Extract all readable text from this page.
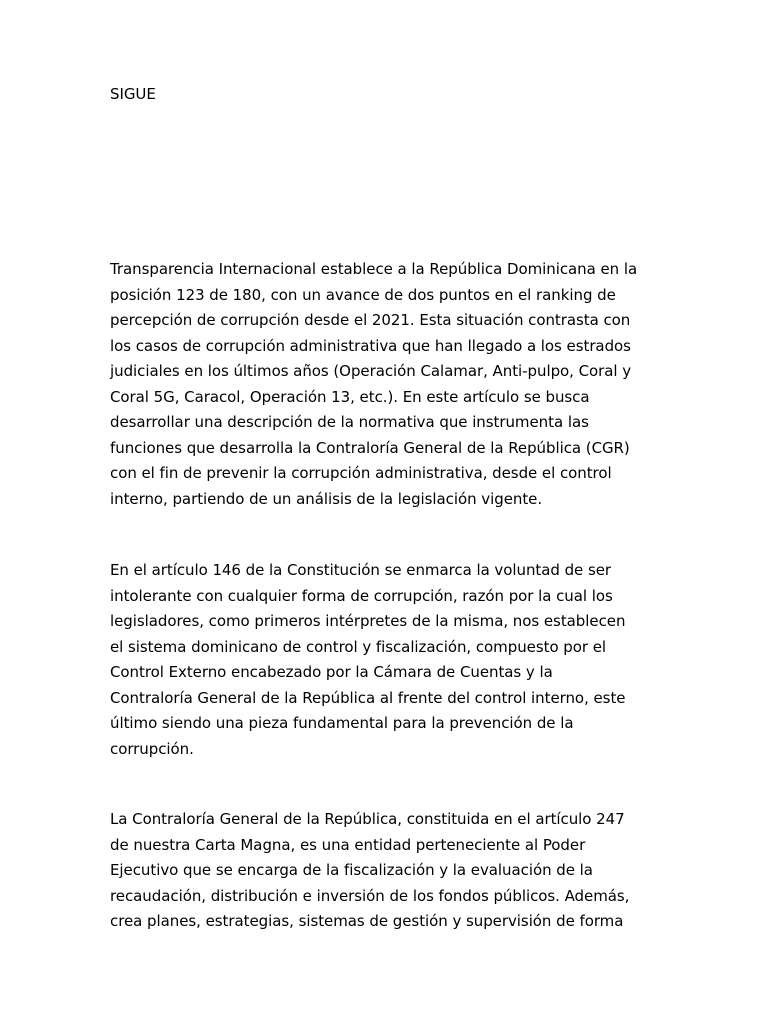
SIGUE
Transparencia Internacional establece a la República Dominicana en la
posición 123 de 180, con un avance de dos puntos en el ranking de
percepción de corrupción desde el 2021. Esta situación contrasta con
los casos de corrupción administrativa que han llegado a los estrados
judiciales en los últimos años (Operación Calamar, Anti-pulpo, Coral y
Coral 5G, Caracol, Operación 13, etc.). En este artículo se busca
desarrollar una descripción de la normativa que instrumenta las
funciones que desarrolla la Contraloría General de la República (CGR)
con el fin de prevenir la corrupción administrativa, desde el control
interno, partiendo de un análisis de la legislación vigente.
En el artículo 146 de la Constitución se enmarca la voluntad de ser
intolerante con cualquier forma de corrupción, razón por la cual los
legisladores, como primeros intérpretes de la misma, nos establecen
el sistema dominicano de control y fiscalización, compuesto por el
Control Externo encabezado por la Cámara de Cuentas y la
Contraloría General de la República al frente del control interno, este
último siendo una pieza fundamental para la prevención de la
corrupción.
La Contraloría General de la República, constituida en el artículo 247
de nuestra Carta Magna, es una entidad perteneciente al Poder
Ejecutivo que se encarga de la fiscalización y la evaluación de la
recaudación, distribución e inversión de los fondos públicos. Además,
crea planes, estrategias, sistemas de gestión y supervisión de forma
